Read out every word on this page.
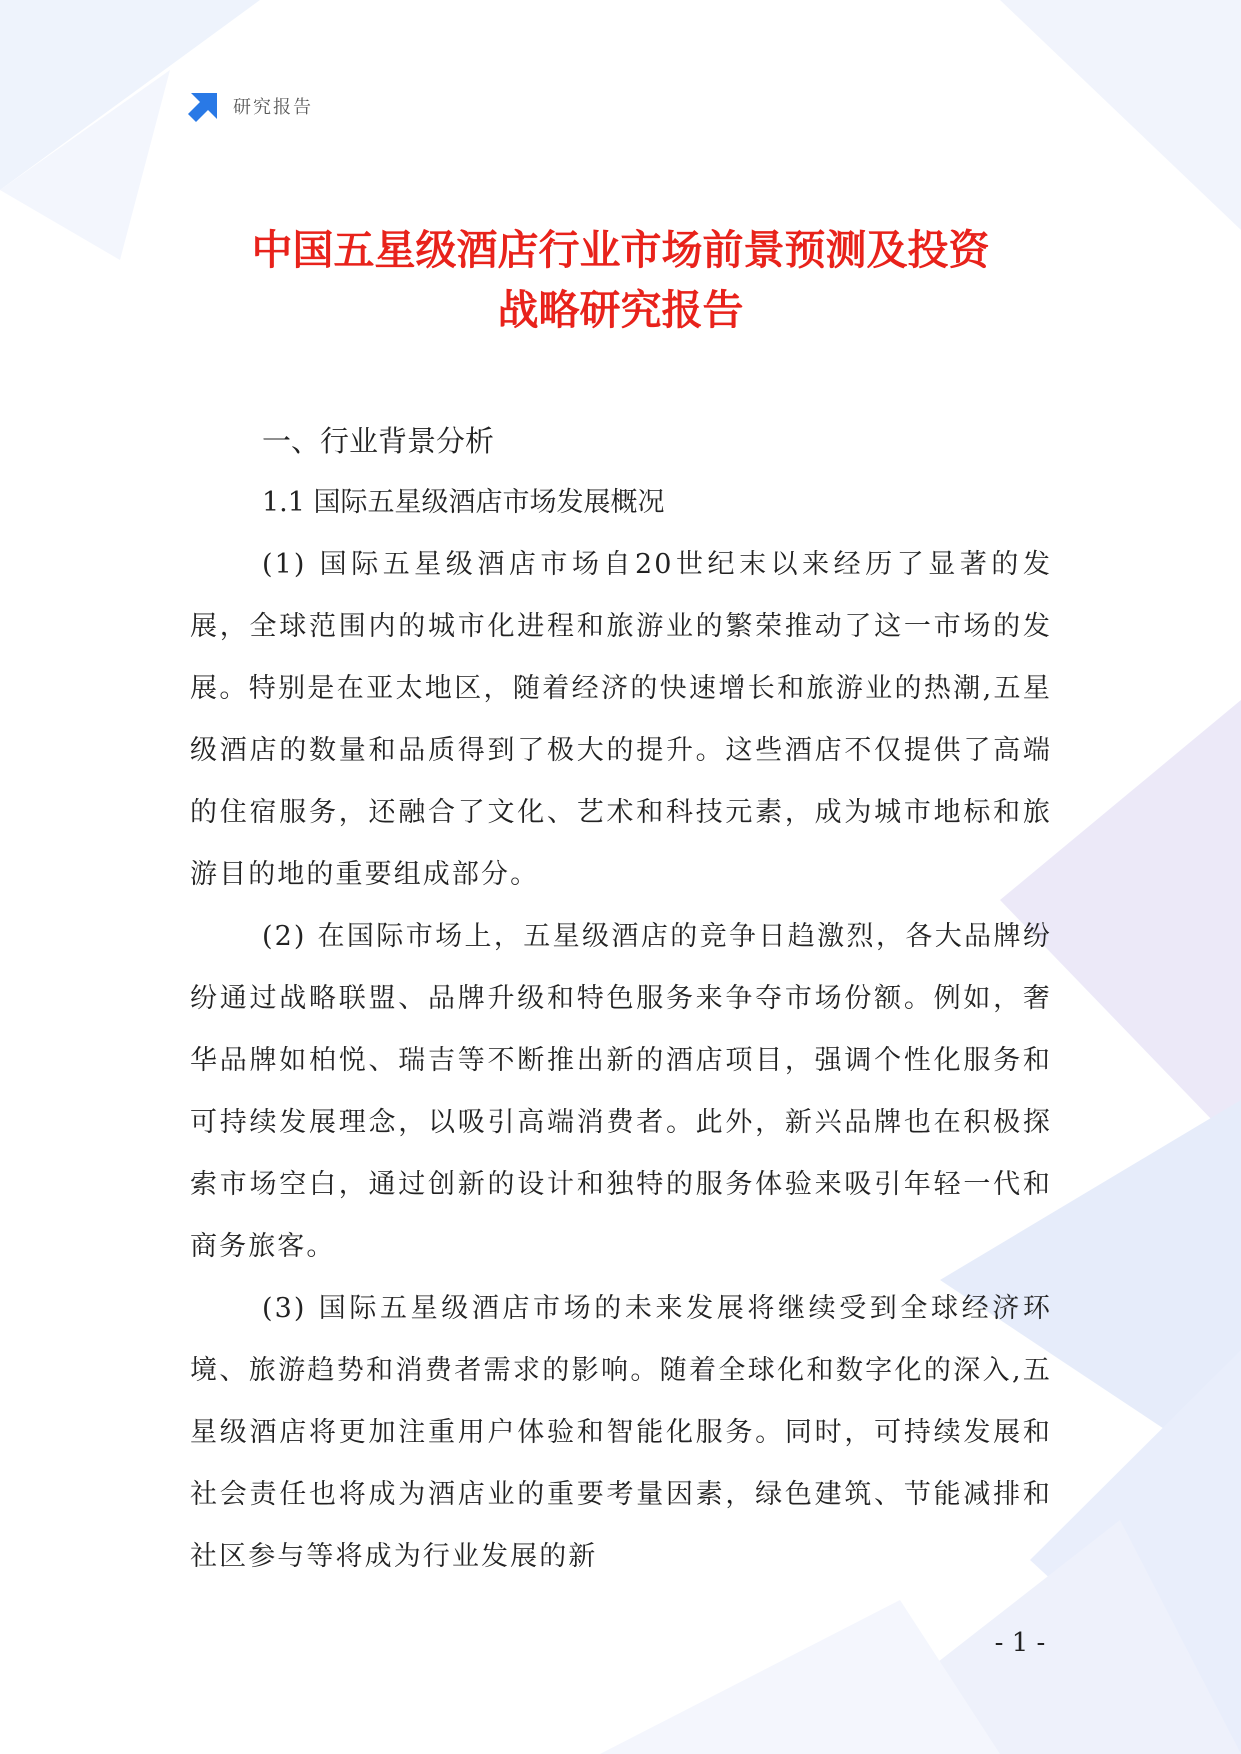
研究报告
中国五星级酒店行业市场前景预测及投资
战略研究报告
一、行业背景分析
1.1 国际五星级酒店市场发展概况

(1) 国际五星级酒店市场自20世纪末以来经历了显著的发展，全球范围内的城市化进程和旅游业的繁荣推动了这一市场的发展。特别是在亚太地区，随着经济的快速增长和旅游业的热潮,五星级酒店的数量和品质得到了极大的提升。这些酒店不仅提供了高端的住宿服务，还融合了文化、艺术和科技元素，成为城市地标和旅游目的地的重要组成部分。

(2) 在国际市场上，五星级酒店的竞争日趋激烈，各大品牌纷纷通过战略联盟、品牌升级和特色服务来争夺市场份额。例如，奢华品牌如柏悦、瑞吉等不断推出新的酒店项目，强调个性化服务和可持续发展理念，以吸引高端消费者。此外，新兴品牌也在积极探索市场空白，通过创新的设计和独特的服务体验来吸引年轻一代和商务旅客。

(3) 国际五星级酒店市场的未来发展将继续受到全球经济环境、旅游趋势和消费者需求的影响。随着全球化和数字化的深入,五星级酒店将更加注重用户体验和智能化服务。同时，可持续发展和社会责任也将成为酒店业的重要考量因素，绿色建筑、节能减排和社区参与等将成为行业发展的新

- 1 -
